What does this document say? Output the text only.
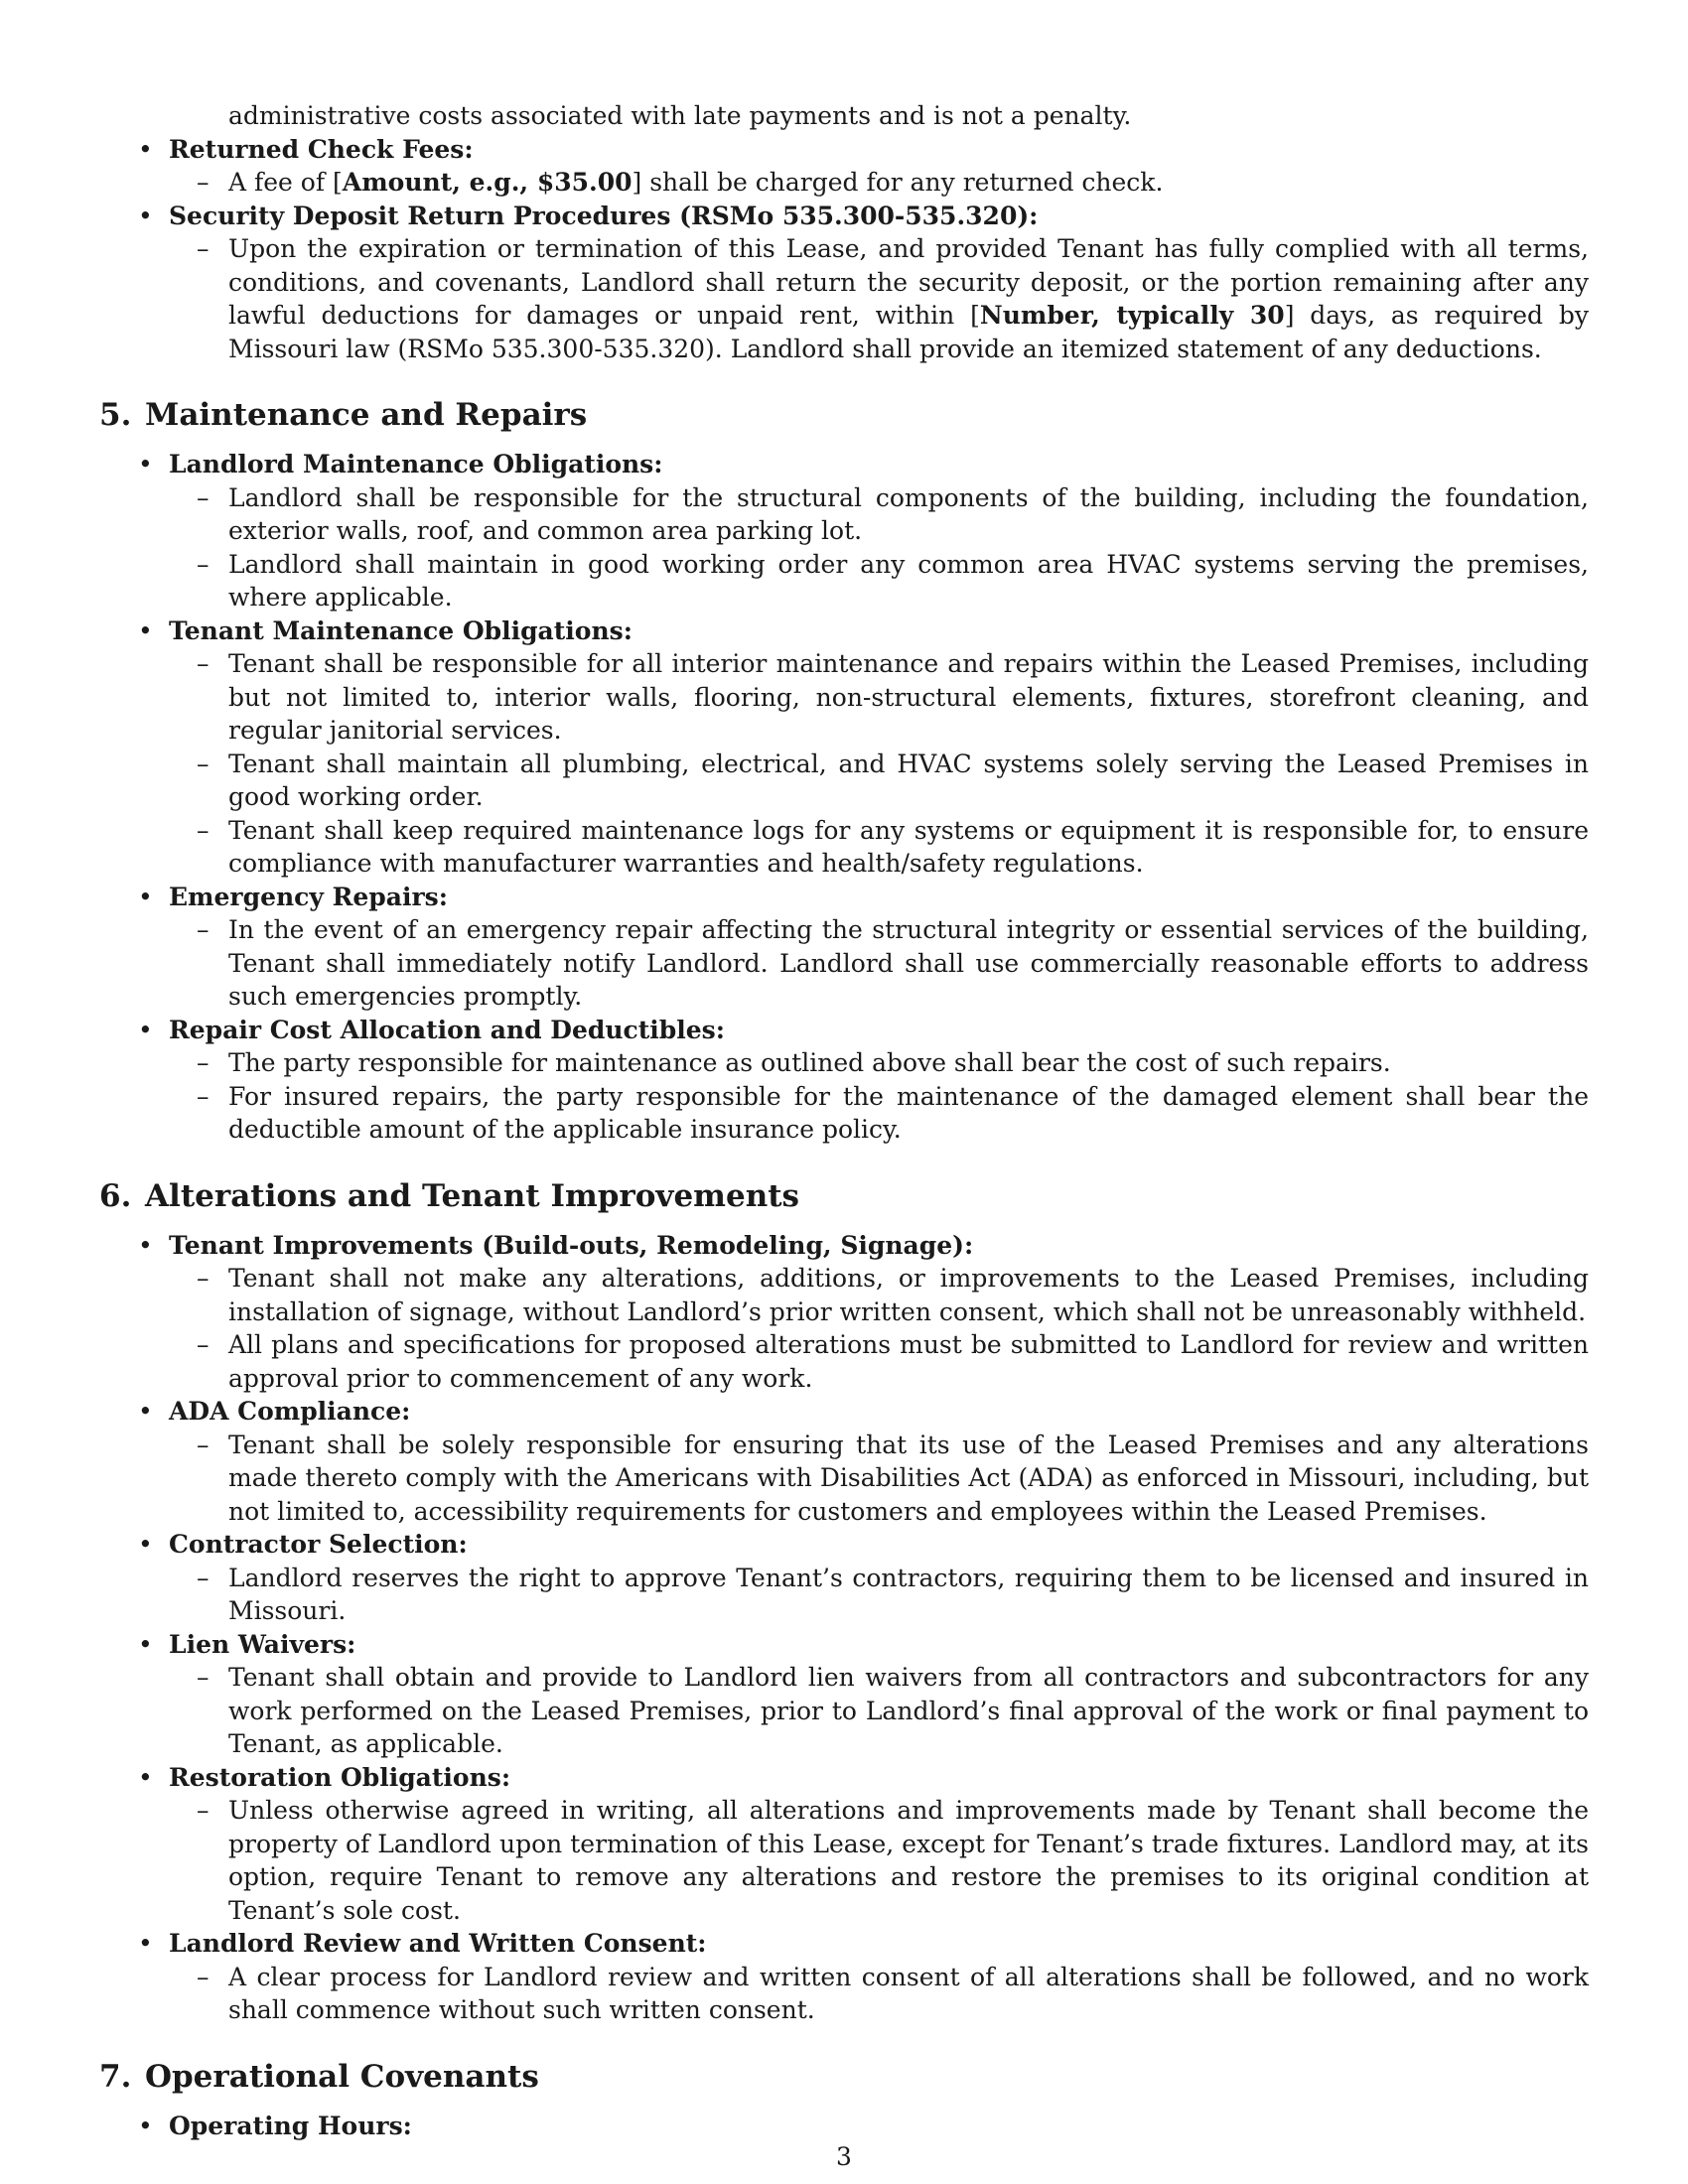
administrative costs associated with late payments and is not a penalty.
• Returned Check Fees:
– A fee of [Amount, e.g., $35.00] shall be charged for any returned check.
• Security Deposit Return Procedures (RSMo 535.300-535.320):
– Upon the expiration or termination of this Lease, and provided Tenant has fully complied with all terms, conditions, and covenants, Landlord shall return the security deposit, or the portion remaining after any lawful deductions for damages or unpaid rent, within [Number, typically 30] days, as required by Missouri law (RSMo 535.300-535.320). Landlord shall provide an itemized statement of any deductions.
5. Maintenance and Repairs
• Landlord Maintenance Obligations:
– Landlord shall be responsible for the structural components of the building, including the foundation, exterior walls, roof, and common area parking lot.
– Landlord shall maintain in good working order any common area HVAC systems serving the premises, where applicable.
• Tenant Maintenance Obligations:
– Tenant shall be responsible for all interior maintenance and repairs within the Leased Premises, including but not limited to, interior walls, flooring, non-structural elements, fixtures, storefront cleaning, and regular janitorial services.
– Tenant shall maintain all plumbing, electrical, and HVAC systems solely serving the Leased Premises in good working order.
– Tenant shall keep required maintenance logs for any systems or equipment it is responsible for, to ensure compliance with manufacturer warranties and health/safety regulations.
• Emergency Repairs:
– In the event of an emergency repair affecting the structural integrity or essential services of the building, Tenant shall immediately notify Landlord. Landlord shall use commercially reasonable efforts to address such emergencies promptly.
• Repair Cost Allocation and Deductibles:
– The party responsible for maintenance as outlined above shall bear the cost of such repairs.
– For insured repairs, the party responsible for the maintenance of the damaged element shall bear the deductible amount of the applicable insurance policy.
6. Alterations and Tenant Improvements
• Tenant Improvements (Build-outs, Remodeling, Signage):
– Tenant shall not make any alterations, additions, or improvements to the Leased Premises, including installation of signage, without Landlord’s prior written consent, which shall not be unreasonably withheld.
– All plans and specifications for proposed alterations must be submitted to Landlord for review and written approval prior to commencement of any work.
• ADA Compliance:
– Tenant shall be solely responsible for ensuring that its use of the Leased Premises and any alterations made thereto comply with the Americans with Disabilities Act (ADA) as enforced in Missouri, including, but not limited to, accessibility requirements for customers and employees within the Leased Premises.
• Contractor Selection:
– Landlord reserves the right to approve Tenant’s contractors, requiring them to be licensed and insured in Missouri.
• Lien Waivers:
– Tenant shall obtain and provide to Landlord lien waivers from all contractors and subcontractors for any work performed on the Leased Premises, prior to Landlord’s final approval of the work or final payment to Tenant, as applicable.
• Restoration Obligations:
– Unless otherwise agreed in writing, all alterations and improvements made by Tenant shall become the property of Landlord upon termination of this Lease, except for Tenant’s trade fixtures. Landlord may, at its option, require Tenant to remove any alterations and restore the premises to its original condition at Tenant’s sole cost.
• Landlord Review and Written Consent:
– A clear process for Landlord review and written consent of all alterations shall be followed, and no work shall commence without such written consent.
7. Operational Covenants
• Operating Hours:
3
